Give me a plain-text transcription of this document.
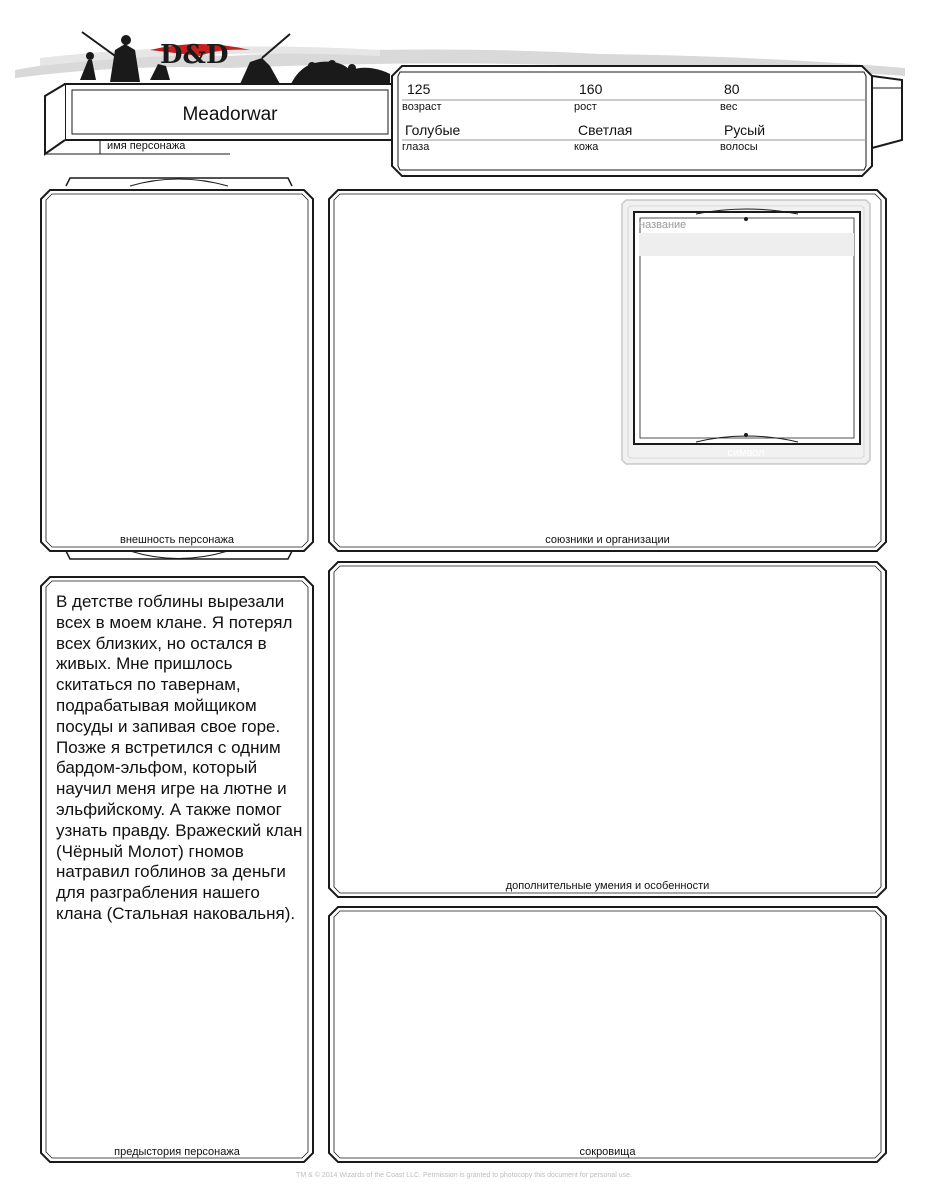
D&D
Meadorwar
имя персонажа
125
возраст
160
рост
80
вес
Голубые
глаза
Светлая
кожа
Русый
волосы
внешность персонажа
название
символ
союзники и организации
В детстве гоблины вырезали всех в моем клане. Я потерял всех близких, но остался в живых. Мне пришлось скитаться по тавернам, подрабатывая мойщиком посуды и запивая свое горе. Позже я встретился с одним бардом-эльфом, который научил меня игре на лютне и эльфийскому. А также помог узнать правду. Вражеский клан (Чёрный Молот) гномов натравил гоблинов за деньги для разграбления нашего клана (Стальная наковальня).
предыстория персонажа
дополнительные умения и особенности
сокровища
TM & © 2014 Wizards of the Coast LLC. Permission is granted to photocopy this document for personal use.
